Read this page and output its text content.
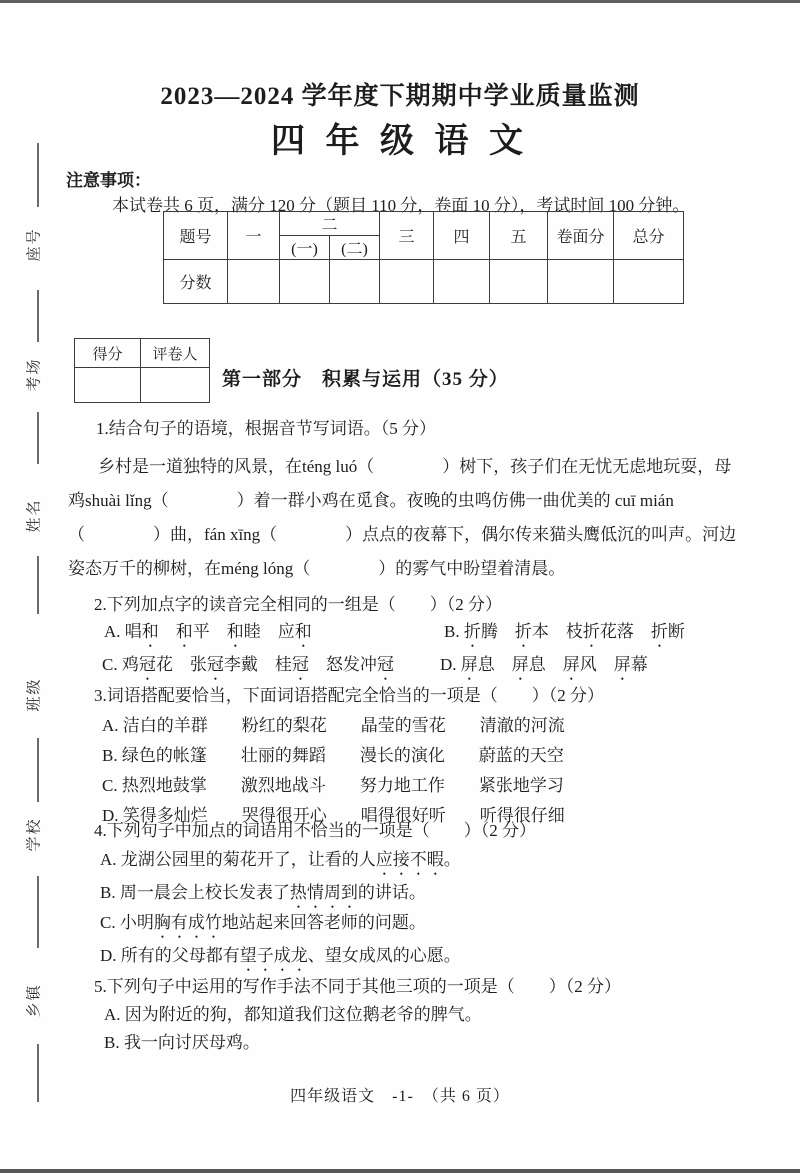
座号
考场
姓名
班级
学校
乡镇
2023—2024 学年度下期期中学业质量监测
四 年 级 语 文
注意事项：
本试卷共 6 页，满分 120 分（题目 110 分，卷面 10 分），考试时间 100 分钟。
题号	一	二		三	四	五	卷面分	总分
		(一)	(二)					
分数								
得分	评卷人

第一部分　积累与运用（35 分）
1.结合句子的语境，根据音节写词语。（5 分）
乡村是一道独特的风景，在téng luó（　　　　）树下，孩子们在无忧无虑地玩耍，母
鸡shuài lǐng（　　　　）着一群小鸡在觅食。夜晚的虫鸣仿佛一曲优美的 cuī mián
（　　　　）曲，fán xīng（　　　　）点点的夜幕下，偶尔传来猫头鹰低沉的叫声。河边
姿态万千的柳树，在méng lóng（　　　　）的雾气中盼望着清晨。
2.下列加点字的读音完全相同的一组是（　　）（2 分）
A. 唱和　 和平　和睦　应和	B. 折腾　折本　枝折花落　折断
C. 鸡冠花　张冠李戴　桂冠　怒发冲冠	D. 屏息　屏息　屏风　屏幕
3.词语搭配要恰当，下面词语搭配完全恰当的一项是（　　）（2 分）
A. 洁白的羊群　　粉红的梨花　　晶莹的雪花　　清澈的河流
B. 绿色的帐篷　　壮丽的舞蹈　　漫长的演化　　蔚蓝的天空
C. 热烈地鼓掌　　激烈地战斗　　努力地工作　　紧张地学习
D. 笑得多灿烂　　哭得很开心　　唱得很好听　　听得很仔细
4.下列句子中加点的词语用不恰当的一项是（　　）（2 分）
A. 龙湖公园里的菊花开了，让看的人应接不暇。
B. 周一晨会上校长发表了热情周到的讲话。
C. 小明胸有成竹地站起来回答老师的问题。
D. 所有的父母都有望子成龙、望女成凤的心愿。
5.下列句子中运用的写作手法不同于其他三项的一项是（　　）（2 分）
A. 因为附近的狗，都知道我们这位鹅老爷的脾气。
B. 我一向讨厌母鸡。
四年级语文　-1-　（共 6 页）
